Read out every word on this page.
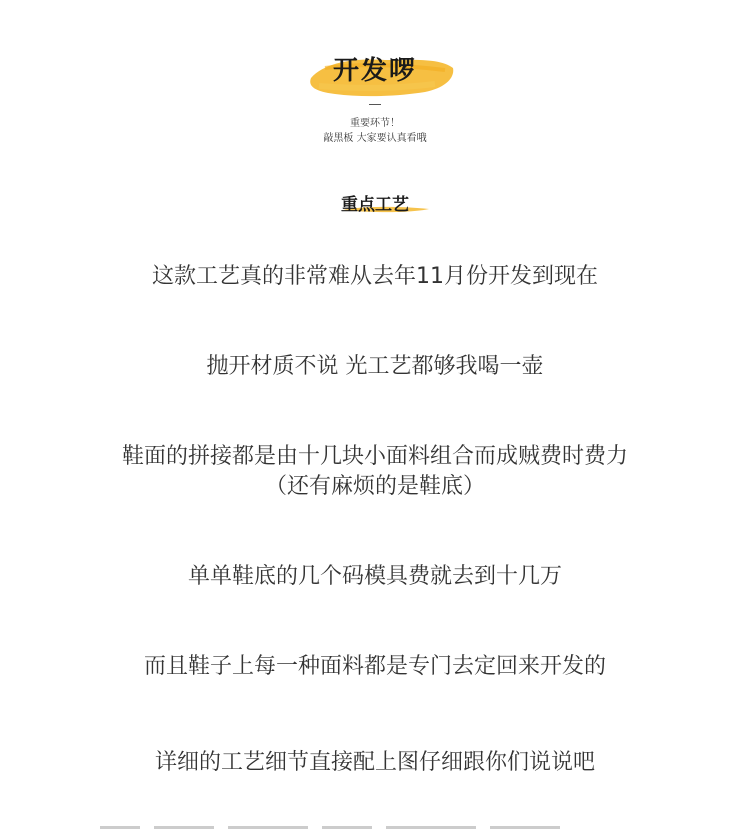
开发啰
重要环节！
敲黑板 大家要认真看哦
重点工艺
这款工艺真的非常难从去年11月份开发到现在
抛开材质不说 光工艺都够我喝一壶
鞋面的拼接都是由十几块小面料组合而成贼费时费力
（还有麻烦的是鞋底）
单单鞋底的几个码模具费就去到十几万
而且鞋子上每一种面料都是专门去定回来开发的
详细的工艺细节直接配上图仔细跟你们说说吧
